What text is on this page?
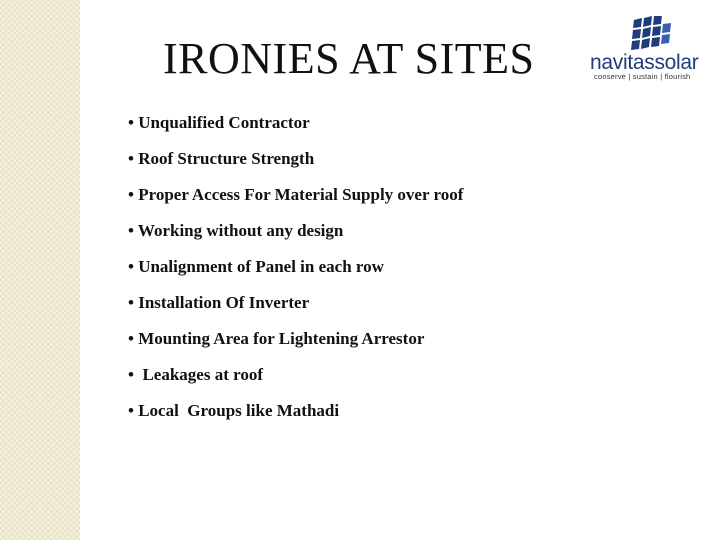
IRONIES AT SITES	navitassolar
conserve | sustain | flourish
• Unqualified Contractor
• Roof Structure Strength
• Proper Access For Material Supply over roof
• Working without any design
• Unalignment of Panel in each row
• Installation Of Inverter
• Mounting Area for Lightening Arrestor
•  Leakages at roof
• Local  Groups like Mathadi
